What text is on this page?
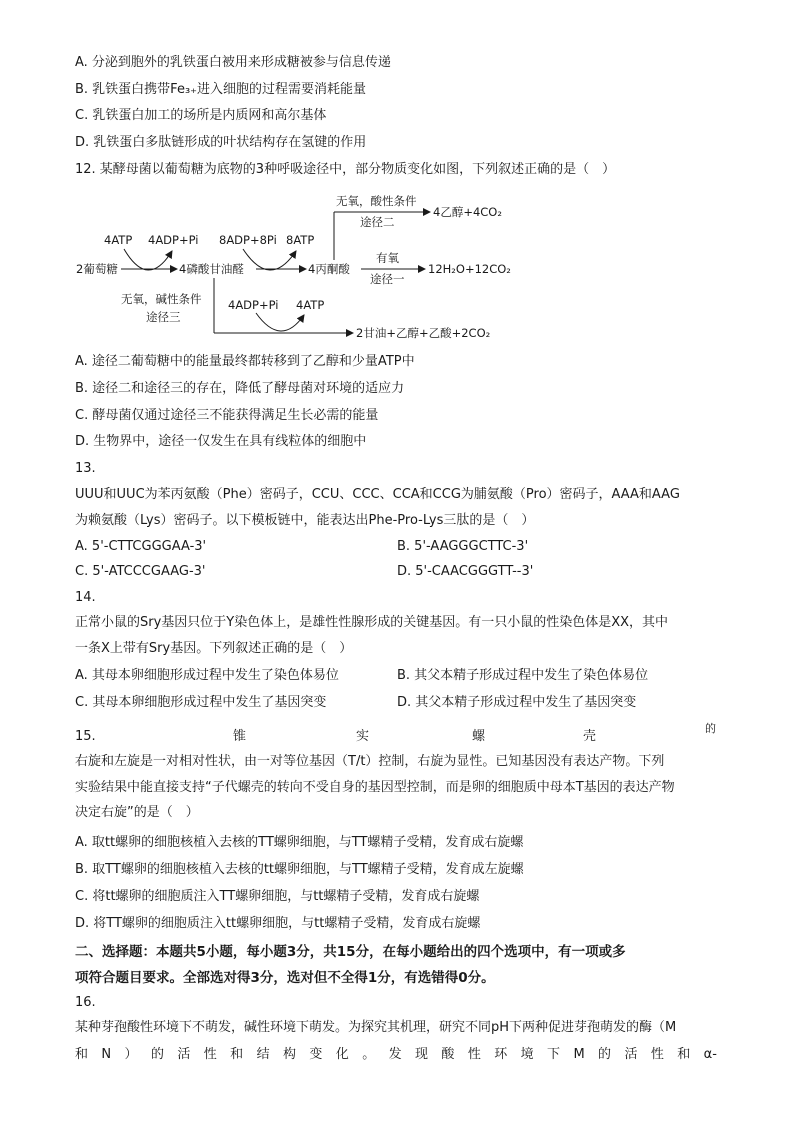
A. 分泌到胞外的乳铁蛋白被用来形成糖被参与信息传递
B. 乳铁蛋白携带Fe₃₊进入细胞的过程需要消耗能量
C. 乳铁蛋白加工的场所是内质网和高尔基体
D. 乳铁蛋白多肽链形成的叶状结构存在氢键的作用
12. 某酵母菌以葡萄糖为底物的3种呼吸途径中，部分物质变化如图，下列叙述正确的是（　）
2葡萄糖	4磷酸甘油醛	4丙酮酸
4ATP 4ADP+Pi 8ADP+8Pi 8ATP
无氧，酸性条件
途径二
4乙醇+4CO₂
有氧
途径一
12H₂O+12CO₂
无氧，碱性条件
途径三
4ADP+Pi 4ATP
2甘油+乙醇+乙酸+2CO₂
A. 途径二葡萄糖中的能量最终都转移到了乙醇和少量ATP中
B. 途径二和途径三的存在，降低了酵母菌对环境的适应力
C. 酵母菌仅通过途径三不能获得满足生长必需的能量
D. 生物界中，途径一仅发生在具有线粒体的细胞中
13.
UUU和UUC为苯丙氨酸（Phe）密码子，CCU、CCC、CCA和CCG为脯氨酸（Pro）密码子，AAA和AAG
为赖氨酸（Lys）密码子。以下模板链中，能表达出Phe-Pro-Lys三肽的是（　）
A. 5'-CTTCGGGAA-3'	B. 5'-AAGGGCTTC-3'
C. 5'-ATCCCGAAG-3'	D. 5'-CAACGGGTT--3'
14.
正常小鼠的Sry基因只位于Y染色体上，是雄性性腺形成的关键基因。有一只小鼠的性染色体是XX，其中
一条X上带有Sry基因。下列叙述正确的是（　）
A. 其母本卵细胞形成过程中发生了染色体易位	B. 其父本精子形成过程中发生了染色体易位
C. 其母本卵细胞形成过程中发生了基因突变	D. 其父本精子形成过程中发生了基因突变
15.	锥	实	螺	壳
的
右旋和左旋是一对相对性状，由一对等位基因（T/t）控制，右旋为显性。已知基因没有表达产物。下列
实验结果中能直接支持“子代螺壳的转向不受自身的基因型控制，而是卵的细胞质中母本T基因的表达产物
决定右旋”的是（　）
A. 取tt螺卵的细胞核植入去核的TT螺卵细胞，与TT螺精子受精，发育成右旋螺
B. 取TT螺卵的细胞核植入去核的tt螺卵细胞，与TT螺精子受精，发育成左旋螺
C. 将tt螺卵的细胞质注入TT螺卵细胞，与tt螺精子受精，发育成右旋螺
D. 将TT螺卵的细胞质注入tt螺卵细胞，与tt螺精子受精，发育成右旋螺
二、选择题：本题共5小题，每小题3分，共15分，在每小题给出的四个选项中，有一项或多
项符合题目要求。全部选对得3分，选对但不全得1分，有选错得0分。
16.
某种芽孢酸性环境下不萌发，碱性环境下萌发。为探究其机理，研究不同pH下两种促进芽孢萌发的酶（M
和 N ） 的 活 性 和 结 构 变 化 。 发 现 酸 性 环 境 下 M 的 活 性 和 α-
